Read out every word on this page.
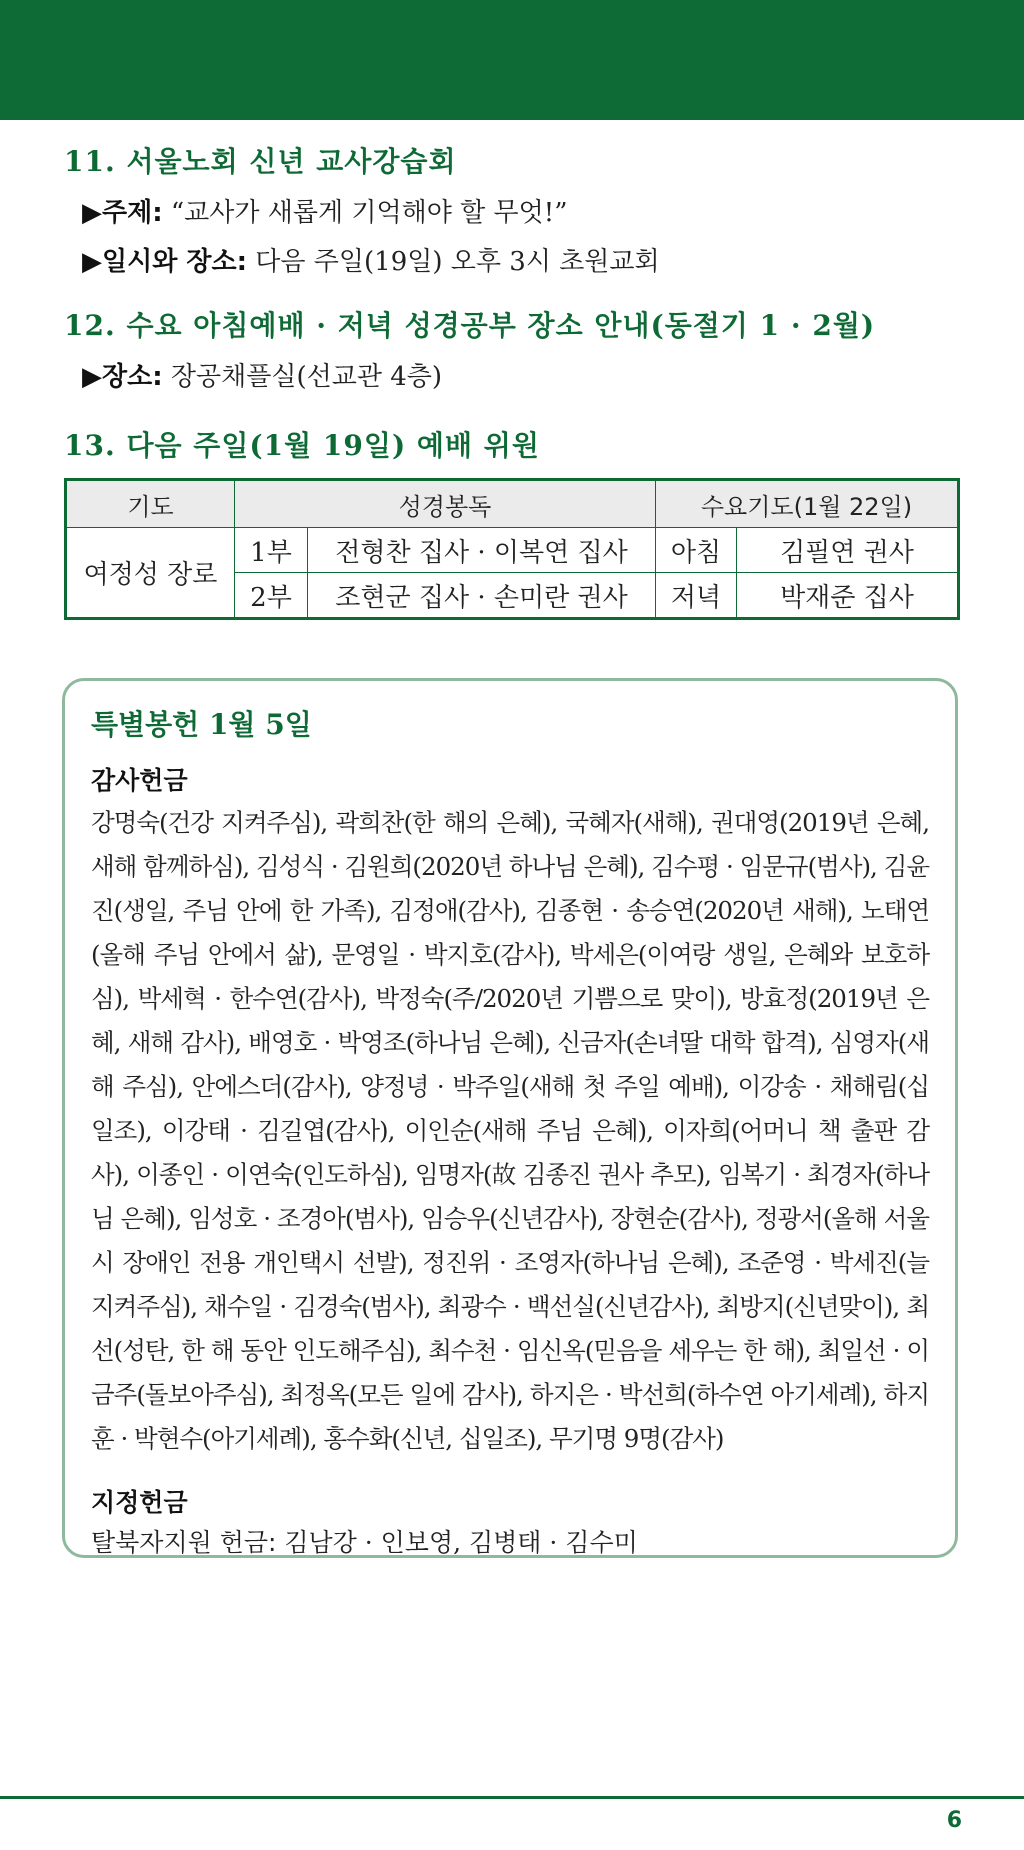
11. 서울노회 신년 교사강습회
▶주제: “교사가 새롭게 기억해야 할 무엇!”
▶일시와 장소: 다음 주일(19일) 오후 3시 초원교회
12. 수요 아침예배 · 저녁 성경공부 장소 안내(동절기 1 · 2월)
▶장소: 장공채플실(선교관 4층)
13. 다음 주일(1월 19일) 예배 위원
기도	성경봉독		수요기도(1월 22일)	
여정성 장로	1부	전형찬 집사 · 이복연 집사	아침	김필연 권사
	2부	조현군 집사 · 손미란 권사	저녁	박재준 집사
특별봉헌 1월 5일
감사헌금
강명숙(건강 지켜주심), 곽희찬(한 해의 은혜), 국혜자(새해), 권대영(2019년 은혜, 새해 함께하심), 김성식 · 김원희(2020년 하나님 은혜), 김수평 · 임문규(범사), 김윤진(생일, 주님 안에 한 가족), 김정애(감사), 김종현 · 송승연(2020년 새해), 노태연(올해 주님 안에서 삶), 문영일 · 박지호(감사), 박세은(이여랑 생일, 은혜와 보호하심), 박세혁 · 한수연(감사), 박정숙(주/2020년 기쁨으로 맞이), 방효정(2019년 은혜, 새해 감사), 배영호 · 박영조(하나님 은혜), 신금자(손녀딸 대학 합격), 심영자(새해 주심), 안에스더(감사), 양정녕 · 박주일(새해 첫 주일 예배), 이강송 · 채해림(십일조), 이강태 · 김길엽(감사), 이인순(새해 주님 은혜), 이자희(어머니 책 출판 감사), 이종인 · 이연숙(인도하심), 임명자(故 김종진 권사 추모), 임복기 · 최경자(하나님 은혜), 임성호 · 조경아(범사), 임승우(신년감사), 장현순(감사), 정광서(올해 서울시 장애인 전용 개인택시 선발), 정진위 · 조영자(하나님 은혜), 조준영 · 박세진(늘 지켜주심), 채수일 · 김경숙(범사), 최광수 · 백선실(신년감사), 최방지(신년맞이), 최선(성탄, 한 해 동안 인도해주심), 최수천 · 임신옥(믿음을 세우는 한 해), 최일선 · 이금주(돌보아주심), 최정옥(모든 일에 감사), 하지은 · 박선희(하수연 아기세례), 하지훈 · 박현수(아기세례), 홍수화(신년, 십일조), 무기명 9명(감사)
지정헌금
탈북자지원 헌금: 김남강 · 인보영, 김병태 · 김수미
6
